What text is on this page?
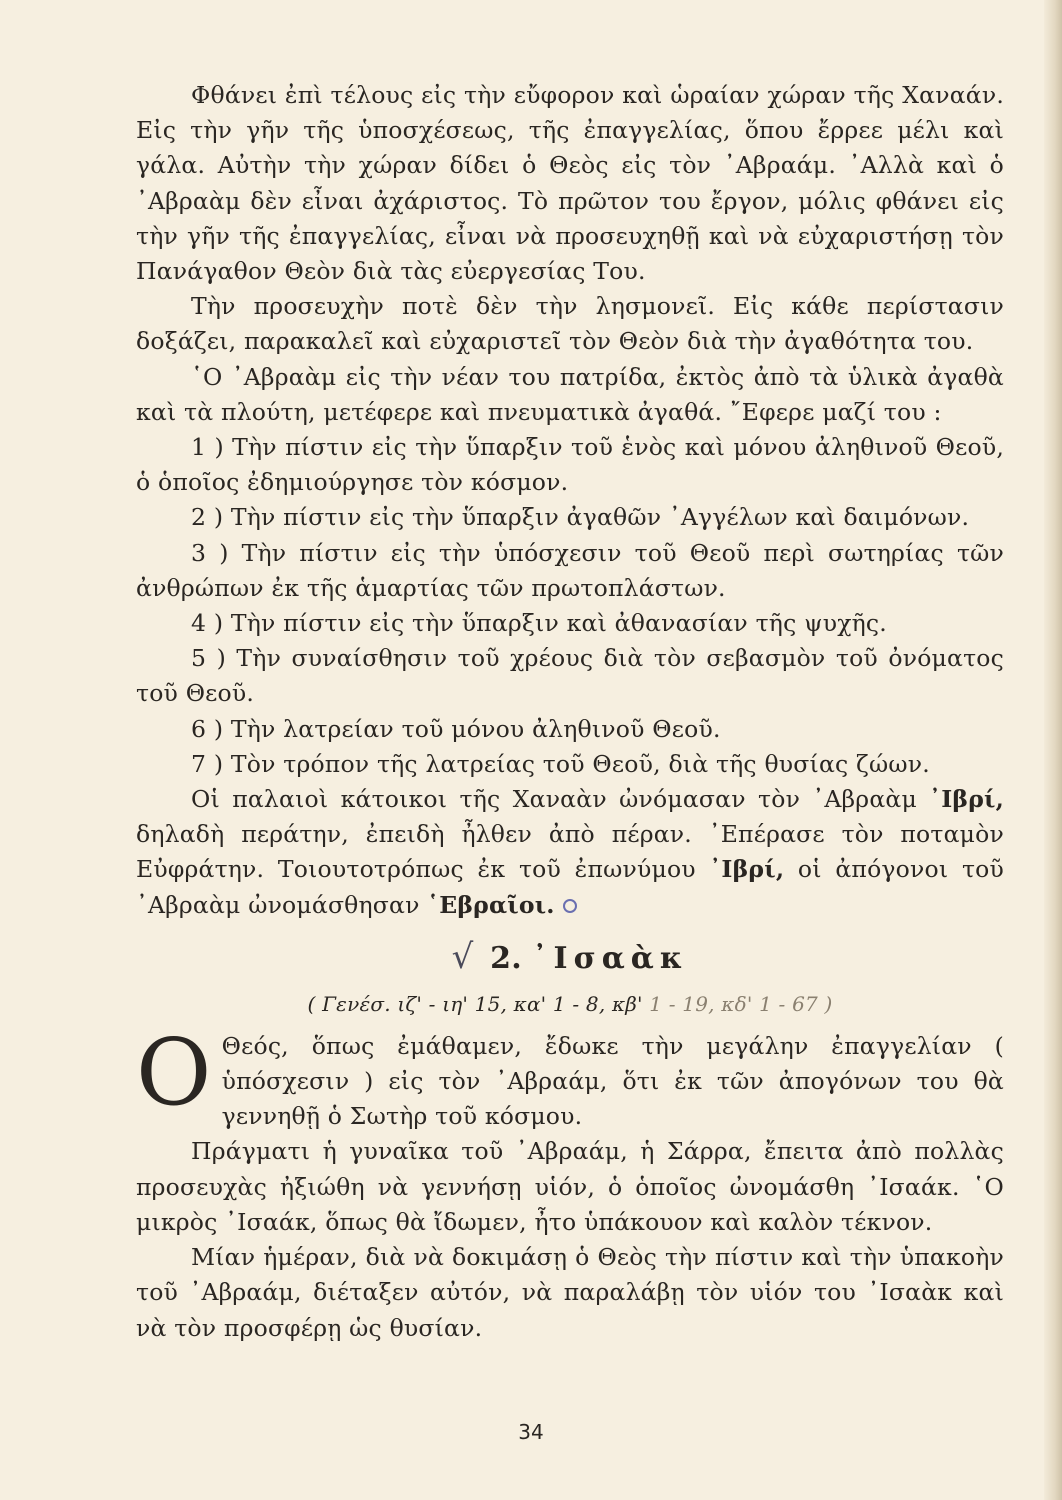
Φθάνει ἐπὶ τέλους εἰς τὴν εὔφορον καὶ ὡραίαν χώραν τῆς Χαναάν. Εἰς τὴν γῆν τῆς ὑποσχέσεως, τῆς ἐπαγγελίας, ὅπου ἔρρεε μέλι καὶ γάλα. Αὐτὴν τὴν χώραν δίδει ὁ Θεὸς εἰς τὸν ᾿Αβραάμ. ᾿Αλλὰ καὶ ὁ ᾿Αβραὰμ δὲν εἶναι ἀχάριστος. Τὸ πρῶτον του ἔργον, μόλις φθάνει εἰς τὴν γῆν τῆς ἐπαγγελίας, εἶναι νὰ προσευχηθῇ καὶ νὰ εὐχαριστήσῃ τὸν Πανάγαθον Θεὸν διὰ τὰς εὐεργεσίας Του.

Τὴν προσευχὴν ποτὲ δὲν τὴν λησμονεῖ. Εἰς κάθε περίστασιν δοξάζει, παρακαλεῖ καὶ εὐχαριστεῖ τὸν Θεὸν διὰ τὴν ἀγαθότητα του.

῾Ο ᾿Αβραὰμ εἰς τὴν νέαν του πατρίδα, ἐκτὸς ἀπὸ τὰ ὑλικὰ ἀγαθὰ καὶ τὰ πλούτη, μετέφερε καὶ πνευματικὰ ἀγαθά. ῎Εφερε μαζί του :

1 ) Τὴν πίστιν εἰς τὴν ὕπαρξιν τοῦ ἑνὸς καὶ μόνου ἀληθινοῦ Θεοῦ, ὁ ὁποῖος ἐδημιούργησε τὸν κόσμον.

2 ) Τὴν πίστιν εἰς τὴν ὕπαρξιν ἀγαθῶν ᾿Αγγέλων καὶ δαιμόνων.

3 ) Τὴν πίστιν εἰς τὴν ὑπόσχεσιν τοῦ Θεοῦ περὶ σωτηρίας τῶν ἀνθρώπων ἐκ τῆς ἁμαρτίας τῶν πρωτοπλάστων.

4 ) Τὴν πίστιν εἰς τὴν ὕπαρξιν καὶ ἀθανασίαν τῆς ψυχῆς.

5 ) Τὴν συναίσθησιν τοῦ χρέους διὰ τὸν σεβασμὸν τοῦ ὀνόματος τοῦ Θεοῦ.

6 ) Τὴν λατρείαν τοῦ μόνου ἀληθινοῦ Θεοῦ.

7 ) Τὸν τρόπον τῆς λατρείας τοῦ Θεοῦ, διὰ τῆς θυσίας ζώων.

Οἱ παλαιοὶ κάτοικοι τῆς Χαναὰν ὠνόμασαν τὸν ᾿Αβραὰμ ᾿Ιβρί, δηλαδὴ περάτην, ἐπειδὴ ἦλθεν ἀπὸ πέραν. ᾿Επέρασε τὸν ποταμὸν Εὐφράτην. Τοιουτοτρόπως ἐκ τοῦ ἐπωνύμου ᾿Ιβρί, οἱ ἀπόγονοι τοῦ ᾿Αβραὰμ ὠνομάσθησαν ῾Εβραῖοι.

√ 2. ᾿Ισαὰκ
( Γενέσ. ιζ' - ιη' 15, κα' 1 - 8, κβ' 1 - 19, κδ' 1 - 67 )

Ο Θεός, ὅπως ἐμάθαμεν, ἔδωκε τὴν μεγάλην ἐπαγγελίαν ( ὑπόσχεσιν ) εἰς τὸν ᾿Αβραάμ, ὅτι ἐκ τῶν ἀπογόνων του θὰ γεννηθῇ ὁ Σωτὴρ τοῦ κόσμου.

Πράγματι ἡ γυναῖκα τοῦ ᾿Αβραάμ, ἡ Σάρρα, ἔπειτα ἀπὸ πολλὰς προσευχὰς ἠξιώθη νὰ γεννήσῃ υἱόν, ὁ ὁποῖος ὠνομάσθη ᾿Ισαάκ. ῾Ο μικρὸς ᾿Ισαάκ, ὅπως θὰ ἴδωμεν, ἦτο ὑπάκουον καὶ καλὸν τέκνον.

Μίαν ἡμέραν, διὰ νὰ δοκιμάσῃ ὁ Θεὸς τὴν πίστιν καὶ τὴν ὑπακοὴν τοῦ ᾿Αβραάμ, διέταξεν αὐτόν, νὰ παραλάβῃ τὸν υἱόν του ᾿Ισαὰκ καὶ νὰ τὸν προσφέρῃ ὡς θυσίαν.

34
